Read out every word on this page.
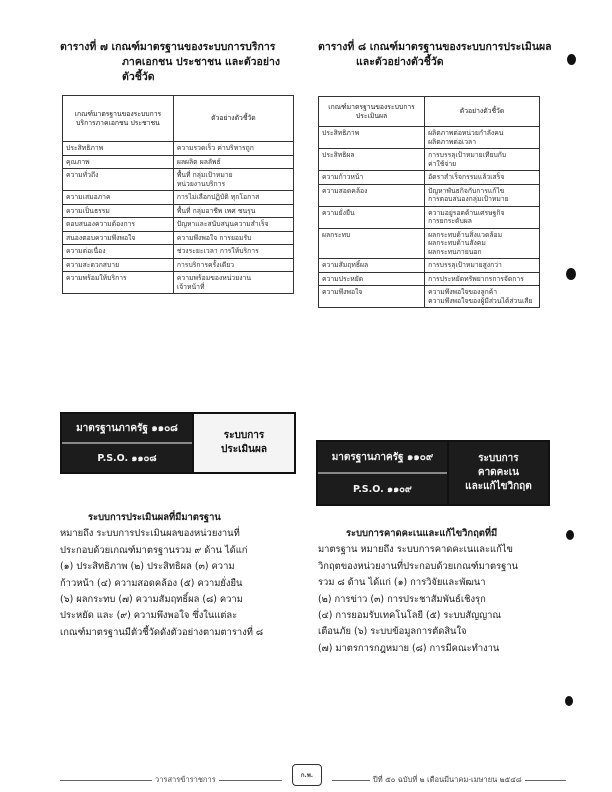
ตารางที่ ๗ เกณฑ์มาตรฐานของระบบการบริการ
ภาคเอกชน ประชาชน และตัวอย่าง
ตัวชี้วัด
เกณฑ์มาตรฐานของระบบการบริการภาคเอกชน ประชาชน	ตัวอย่างตัวชี้วัด
ประสิทธิภาพ	ความรวดเร็ว ค่าบริหารถูก

คุณภาพ	ผลผลิต ผลลัพธ์

ความทั่วถึง	พื้นที่ กลุ่มเป้าหมาย
หน่วยงานบริการ

ความเสมอภาค	การไม่เลือกปฏิบัติ ทุกโอกาส

ความเป็นธรรม	พื้นที่ กลุ่มอาชีพ เพศ ชนรุน

ตอบสนองความต้องการ	ปัญหาและสนับสนุนความสำเร็จ

สนองตอบความพึงพอใจ	ความพึงพอใจ การยอมรับ

ความต่อเนื่อง	ช่วงระยะเวลา การให้บริการ

ความสะดวกสบาย	การบริการครั้งเดียว

ความพร้อมให้บริการ	ความพร้อมของหน่วยงาน
เจ้าหน้าที่
ตารางที่ ๘ เกณฑ์มาตรฐานของระบบการประเมินผล
และตัวอย่างตัวชี้วัด
เกณฑ์มาตรฐานของระบบการประเมินผล	ตัวอย่างตัวชี้วัด
ประสิทธิภาพ	ผลิตภาพต่อหน่วยกำลังคน
ผลิตภาพต่อเวลา

ประสิทธิผล	การบรรลุเป้าหมายเทียบกับ
ค่าใช้จ่าย

ความก้าวหน้า	อัตราสำเร็จกรรมแล้วเสร็จ

ความสอดคล้อง	ปัญหาพันธกิจกับการแก้ไข
การตอบสนองกลุ่มเป้าหมาย

ความยั่งยืน	ความอยู่รอดด้านเศรษฐกิจ
การยกระดับผล

ผลกระทบ	ผลกระทบด้านสิ่งแวดล้อม
ผลกระทบด้านสังคม
ผลกระทบภายนอก

ความสัมฤทธิ์ผล	การบรรลุเป้าหมายสูงกว่า

ความประหยัด	การประหยัดทรัพยากรการจัดการ

ความพึงพอใจ	ความพึงพอใจของลูกค้า
ความพึงพอใจของผู้มีส่วนได้ส่วนเสีย
มาตรฐานภาครัฐ ๑๑๐๘
P.S.O. ๑๑๐๘
ระบบการ
ประเมินผล
มาตรฐานภาครัฐ ๑๑๐๙
P.S.O. ๑๑๐๙
ระบบการ
คาดคะเน
และแก้ไขวิกฤต
ระบบการประเมินผลที่มีมาตรฐาน
หมายถึง ระบบการประเมินผลของหน่วยงานที่
ประกอบด้วยเกณฑ์มาตรฐานรวม ๙ ด้าน ได้แก่
(๑) ประสิทธิภาพ (๒) ประสิทธิผล (๓) ความ
ก้าวหน้า (๔) ความสอดคล้อง (๕) ความยั่งยืน
(๖) ผลกระทบ (๗) ความสัมฤทธิ์ผล (๘) ความ
ประหยัด และ (๙) ความพึงพอใจ ซึ่งในแต่ละ
เกณฑ์มาตรฐานมีตัวชี้วัดดังตัวอย่างตามตารางที่ ๘
ระบบการคาดคะเนและแก้ไขวิกฤตที่มี
มาตรฐาน หมายถึง ระบบการคาดคะเนและแก้ไข
วิกฤตของหน่วยงานที่ประกอบด้วยเกณฑ์มาตรฐาน
รวม ๘ ด้าน ได้แก่ (๑) การวิจัยและพัฒนา
(๒) การข่าว (๓) การประชาสัมพันธ์เชิงรุก
(๔) การยอมรับเทคโนโลยี (๕) ระบบสัญญาณ
เตือนภัย (๖) ระบบข้อมูลการตัดสินใจ
(๗) มาตรการกฎหมาย (๘) การมีคณะทำงาน
วารสารข้าราชการ	ก.พ.	ปีที่ ๕๐ ฉบับที่ ๒ เดือนมีนาคม-เมษายน ๒๕๔๘
